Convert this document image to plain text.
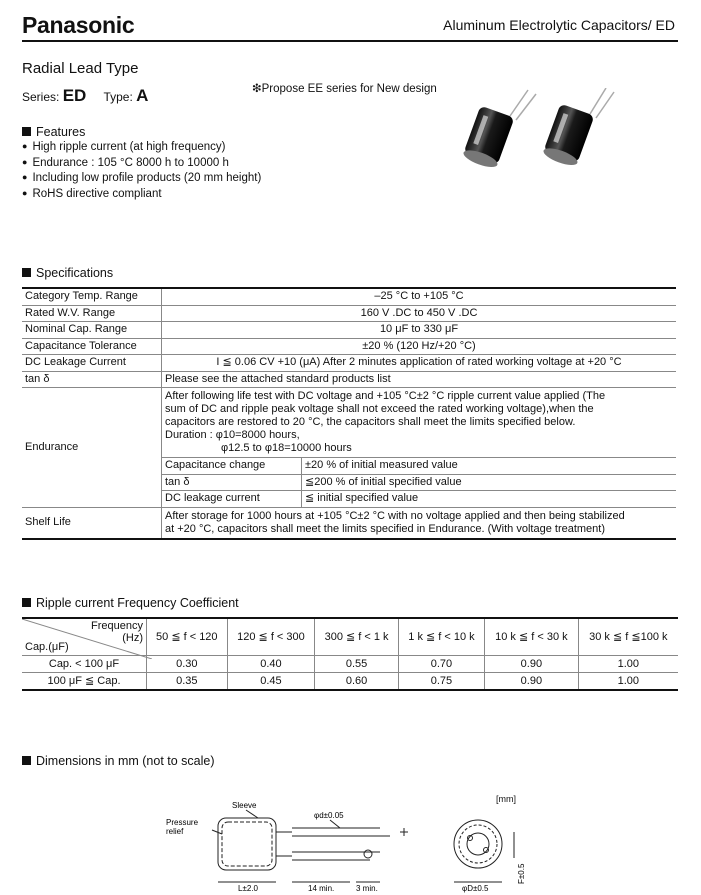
Panasonic	Aluminum Electrolytic Capacitors/ ED
Radial Lead Type
Series: ED Type: A	❇Propose EE series for New design
Features
● High ripple current (at high frequency)
● Endurance : 105 °C 8000 h to 10000 h
● Including low profile products (20 mm height)
● RoHS directive compliant
Specifications
Category Temp. Range	–25 °C to +105 °C	
Rated W.V. Range	160 V .DC to 450 V .DC	
Nominal Cap. Range	10 μF to 330 μF	
Capacitance Tolerance	±20 % (120 Hz/+20 °C)	
DC Leakage Current	I ≦ 0.06 CV +10 (μA) After 2 minutes application of rated working voltage at +20 °C	
tan δ	Please see the attached standard products list	
Endurance	After following life test with DC voltage and +105 °C±2 °C ripple current value applied (The
sum of DC and ripple peak voltage shall not exceed the rated working voltage),when the
capacitors are restored to 20 °C, the capacitors shall meet the limits specified below.
Duration : φ10=8000 hours,
φ12.5 to φ18=10000 hours	

	Capacitance change	±20 % of initial measured value
	tan δ	≦200 % of initial specified value
	DC leakage current	≦ initial specified value
Shelf Life	After storage for 1000 hours at +105 °C±2 °C with no voltage applied and then being stabilized
at +20 °C, capacitors shall meet the limits specified in Endurance. (With voltage treatment)	
Ripple current Frequency Coefficient
Frequency
(Hz)
Cap.(μF)	50 ≦ f < 120	120 ≦ f < 300	300 ≦ f < 1 k	1 k ≦ f < 10 k	10 k ≦ f < 30 k	30 k ≦ f ≦100 k
Cap. < 100 μF	0.30	0.40	0.55	0.70	0.90	1.00
100 μF ≦ Cap.	0.35	0.45	0.60	0.75	0.90	1.00
Dimensions in mm (not to scale)
[mm]
Sleeve
Pressure
relief
φd±0.05
L±2.0	14 min.	3 min.	φD±0.5
F±0.5
